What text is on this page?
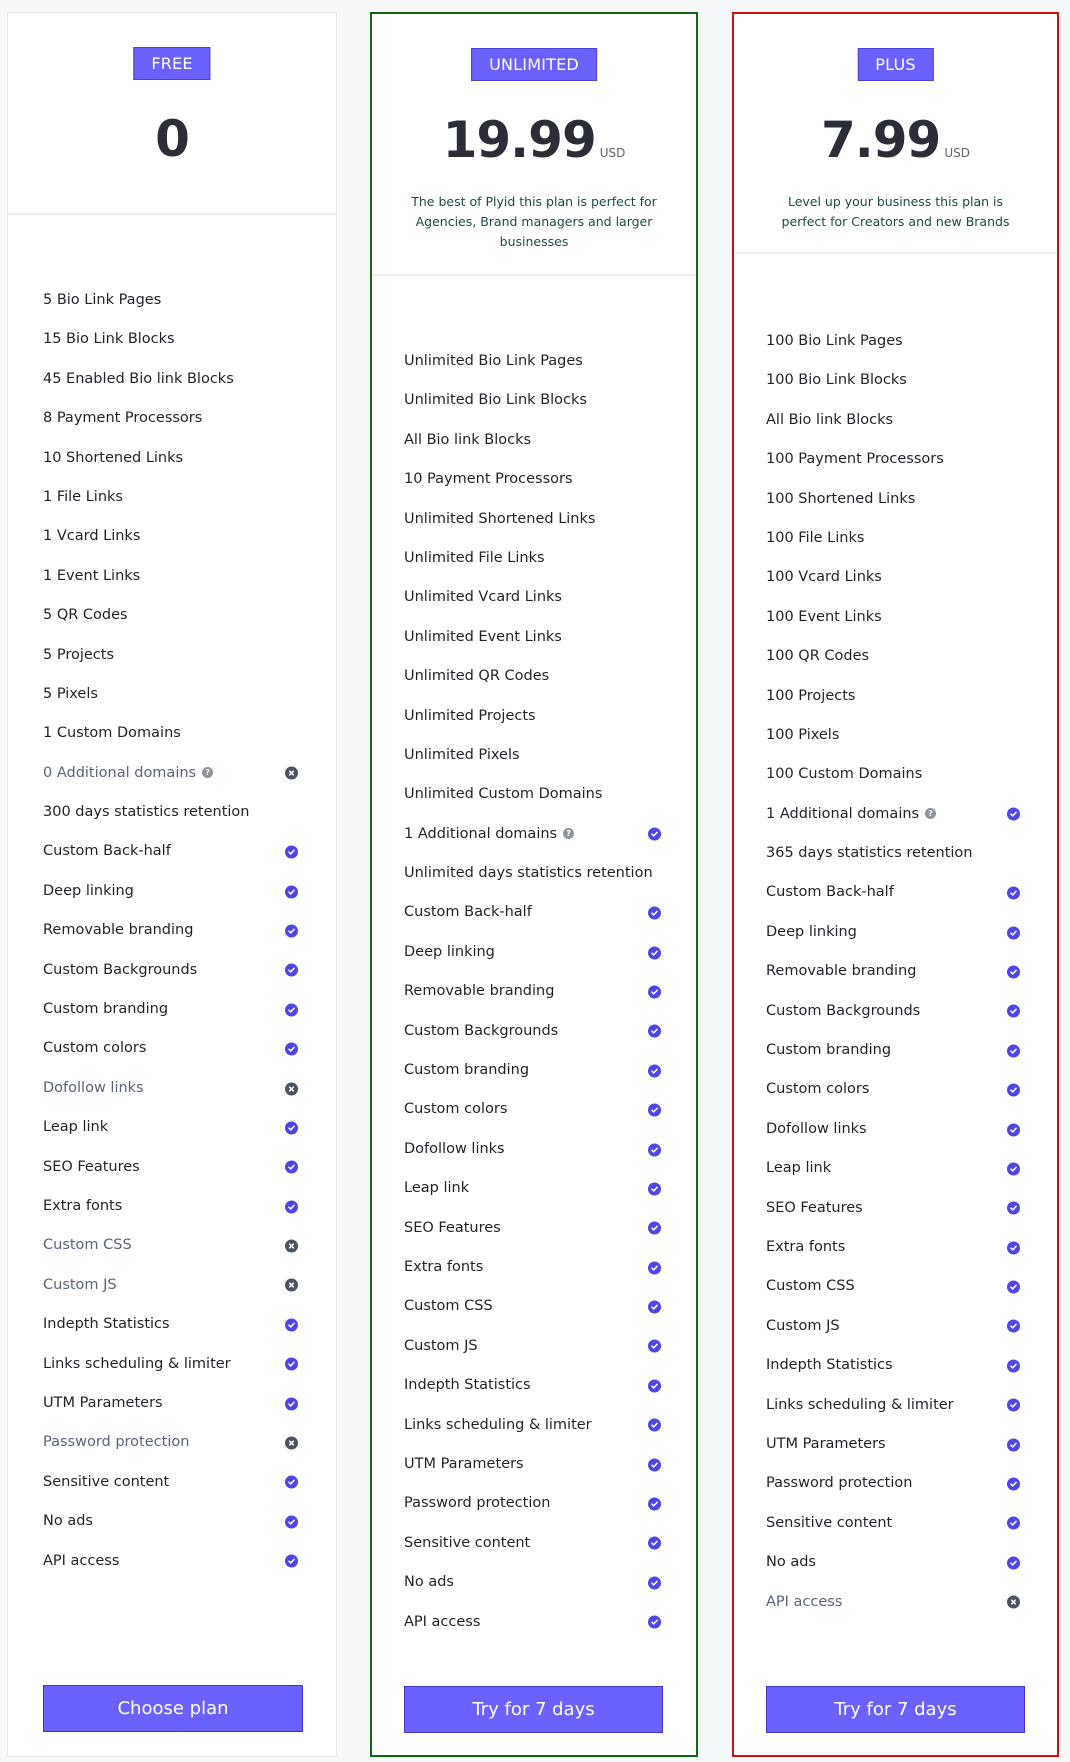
FREE
0
5 Bio Link Pages
15 Bio Link Blocks
45 Enabled Bio link Blocks
8 Payment Processors
10 Shortened Links
1 File Links
1 Vcard Links
1 Event Links
5 QR Codes
5 Projects
5 Pixels
1 Custom Domains
0 Additional domains ?
300 days statistics retention
Custom Back-half
Deep linking
Removable branding
Custom Backgrounds
Custom branding
Custom colors
Dofollow links
Leap link
SEO Features
Extra fonts
Custom CSS
Custom JS
Indepth Statistics
Links scheduling & limiter
UTM Parameters
Password protection
Sensitive content
No ads
API access
Choose plan
UNLIMITED
19.99 USD
The best of Plyid this plan is perfect for Agencies, Brand managers and larger businesses
Unlimited Bio Link Pages
Unlimited Bio Link Blocks
All Bio link Blocks
10 Payment Processors
Unlimited Shortened Links
Unlimited File Links
Unlimited Vcard Links
Unlimited Event Links
Unlimited QR Codes
Unlimited Projects
Unlimited Pixels
Unlimited Custom Domains
1 Additional domains ?
Unlimited days statistics retention
Custom Back-half
Deep linking
Removable branding
Custom Backgrounds
Custom branding
Custom colors
Dofollow links
Leap link
SEO Features
Extra fonts
Custom CSS
Custom JS
Indepth Statistics
Links scheduling & limiter
UTM Parameters
Password protection
Sensitive content
No ads
API access
Try for 7 days
PLUS
7.99 USD
Level up your business this plan is perfect for Creators and new Brands
100 Bio Link Pages
100 Bio Link Blocks
All Bio link Blocks
100 Payment Processors
100 Shortened Links
100 File Links
100 Vcard Links
100 Event Links
100 QR Codes
100 Projects
100 Pixels
100 Custom Domains
1 Additional domains ?
365 days statistics retention
Custom Back-half
Deep linking
Removable branding
Custom Backgrounds
Custom branding
Custom colors
Dofollow links
Leap link
SEO Features
Extra fonts
Custom CSS
Custom JS
Indepth Statistics
Links scheduling & limiter
UTM Parameters
Password protection
Sensitive content
No ads
API access
Try for 7 days
